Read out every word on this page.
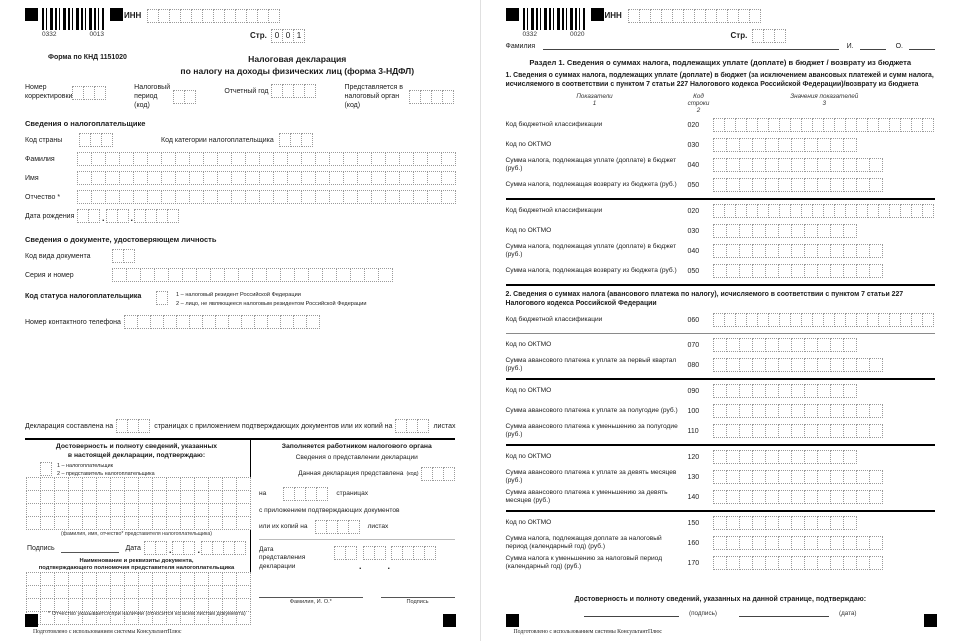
0332	0013
ИНН
Стр. 0 0 1
Форма по КНД 1151020	Налоговая декларация
по налогу на доходы физических лиц (форма 3-НДФЛ)
Номер корректировки
Налоговый период (код)
Отчетный год	Представляется в налоговый орган (код)
Сведения о налогоплательщике
Код страны	Код категории налогоплательщика
Фамилия
Имя
Отчество *
Дата рождения	.	.
Сведения о документе, удостоверяющем личность
Код вида документа
Серия и номер
Код статуса налогоплательщика	1 – налоговый резидент Российской Федерации
2 – лицо, не являющееся налоговым резидентом Российской Федерации
Номер контактного телефона
Декларация составлена на	страницах с приложением подтверждающих документов или их копий на	листах
Достоверность и полноту сведений, указанных
в настоящей декларации, подтверждаю:
1 – налогоплательщик
2 – представитель налогоплательщика
(фамилия, имя, отчество* представителя налогоплательщика)
Подпись	Дата	.	.
Наименование и реквизиты документа,
подтверждающего полномочия представителя налогоплательщика
Заполняется работником налогового органа
Сведения о представлении декларации
Данная декларация представлена (код)
на	страницах
с приложением подтверждающих документов
или их копий на	листах
Дата представления декларации	.	.
Фамилия, И. О.*	Подпись
* Отчество указывается при наличии (относится ко всем листам документа)
Подготовлено с использованием системы КонсультантПлюс
0332	0020
ИНН
Стр.
Фамилия	И.	О.
Раздел 1. Сведения о суммах налога, подлежащих уплате (доплате) в бюджет / возврату из бюджета
1. Сведения о суммах налога, подлежащих уплате (доплате) в бюджет (за исключением авансовых платежей и сумм налога, исчисляемого в соответствии с пунктом 7 статьи 227 Налогового кодекса Российской Федерации)/возврату из бюджета
Показатели
1
Код строки
2
Значения показателей
3
Код бюджетной классификации	020
Код по ОКТМО	030
Сумма налога, подлежащая уплате (доплате) в бюджет (руб.)	040
Сумма налога, подлежащая возврату из бюджета (руб.)	050
Код бюджетной классификации	020
Код по ОКТМО	030
Сумма налога, подлежащая уплате (доплате) в бюджет (руб.)	040
Сумма налога, подлежащая возврату из бюджета (руб.)	050
2. Сведения о суммах налога (авансового платежа по налогу), исчисляемого в соответствии с пунктом 7 статьи 227 Налогового кодекса Российской Федерации
Код бюджетной классификации	060
Код по ОКТМО	070
Сумма авансового платежа к уплате за первый квартал (руб.)	080
Код по ОКТМО	090
Сумма авансового платежа к уплате за полугодие (руб.)	100
Сумма авансового платежа к уменьшению за полугодие (руб.)	110
Код по ОКТМО	120
Сумма авансового платежа к уплате за девять месяцев (руб.)	130
Сумма авансового платежа к уменьшению за девять месяцев (руб.)	140
Код по ОКТМО	150
Сумма налога, подлежащая доплате за налоговый период (календарный год) (руб.)	160
Сумма налога к уменьшению за налоговый период (календарный год) (руб.)	170
Достоверность и полноту сведений, указанных на данной странице, подтверждаю:
(подпись)	(дата)
Подготовлено с использованием системы КонсультантПлюс
